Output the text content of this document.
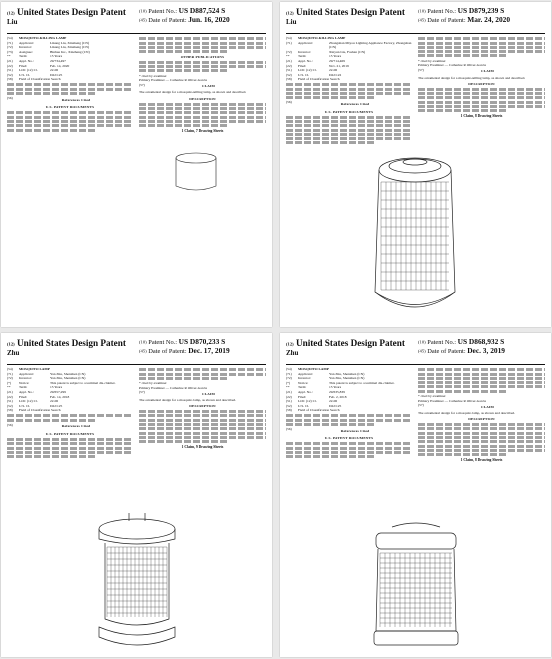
(12) United States Design Patent
Liu
(10) Patent No.: US D887,524 S
(45) Date of Patent: Jun. 16, 2020
(54)	MOSQUITO-KILLING LAMP
(71)	Applicant:	Likang Liu, Xinzheng (CN)
(72)	Inventor:	Likang Liu, Xinzheng (CN)
(73)	Assignee:	Binhua Inc., Xinzheng (CN)
**	Term:	15 Years
(21)	Appl. No.:	29/734,497
(22)	Filed:	Feb. 14, 2020
(51)	LOC (12) Cl.	22-06
(52)	U.S. Cl.	D22/125
(58)	Field of Classification Search
(56)	References Cited
U.S. PATENT DOCUMENTS
OTHER PUBLICATIONS
* cited by examiner
Primary Examiner — Catherine R Oliver-Garcia
(57)	CLAIM
The ornamental design for a mosquito-killing lamp, as shown and described.
DESCRIPTION
1 Claim, 7 Drawing Sheets
(12) United States Design Patent
Liu
(10) Patent No.: US D879,239 S
(45) Date of Patent: Mar. 24, 2020
(54)	MOSQUITO-KILLING LAMP
(71)	Applicant:	Zhongshan Miyou Lighting Appliance Factory, Zhongshan (CN)
(72)	Inventor:	Xinyun Liu, Foshan (CN)
**	Term:	15 Years
(21)	Appl. No.:	29/714,469
(22)	Filed:	Nov. 21, 2019
(51)	LOC (12) Cl.	22-06
(52)	U.S. Cl.	D22/122
(58)	Field of Classification Search
(56)	References Cited
U.S. PATENT DOCUMENTS
* cited by examiner
Primary Examiner — Catherine R Oliver-Garcia
(57)	CLAIM
The ornamental design for a mosquito-killing lamp, as shown and described.
DESCRIPTION
1 Claim, 8 Drawing Sheets
(12) United States Design Patent
Zhu
(10) Patent No.: US D870,233 S
(45) Date of Patent: Dec. 17, 2019
(54)	MOSQUITO LAMP
(71)	Applicant:	Yan Zhu, Shenzhen (CN)
(72)	Inventor:	Yan Zhu, Shenzhen (CN)
(*)	Notice:	This patent is subject to a terminal dis-claimer.
**	Term:	15 Years
(21)	Appl. No.:	29/657,299
(22)	Filed:	Feb. 14, 2018
(51)	LOC (12) Cl.	22-06
(52)	U.S. Cl.	D22/125
(58)	Field of Classification Search
(56)	References Cited
U.S. PATENT DOCUMENTS
* cited by examiner
Primary Examiner — Catherine R Oliver-Garcia
(57)	CLAIM
The ornamental design for a mosquito lamp, as shown and described.
DESCRIPTION
1 Claim, 9 Drawing Sheets
(12) United States Design Patent
Zhu
(10) Patent No.: US D868,932 S
(45) Date of Patent: Dec. 3, 2019
(54)	MOSQUITO LAMP
(71)	Applicant:	Yan Zhu, Shenzhen (CN)
(72)	Inventor:	Yan Zhu, Shenzhen (CN)
(*)	Notice:	This patent is subject to a terminal dis-claimer.
**	Term:	15 Years
(21)	Appl. No.:	29/635,839
(22)	Filed:	Feb. 2, 2018
(51)	LOC (12) Cl.	22-06
(52)	U.S. Cl.	D22/125
(58)	Field of Classification Search
(56)	References Cited
U.S. PATENT DOCUMENTS
* cited by examiner
Primary Examiner — Catherine R Oliver-Garcia
(57)	CLAIM
The ornamental design for a mosquito lamp, as shown and described.
DESCRIPTION
1 Claim, 8 Drawing Sheets
